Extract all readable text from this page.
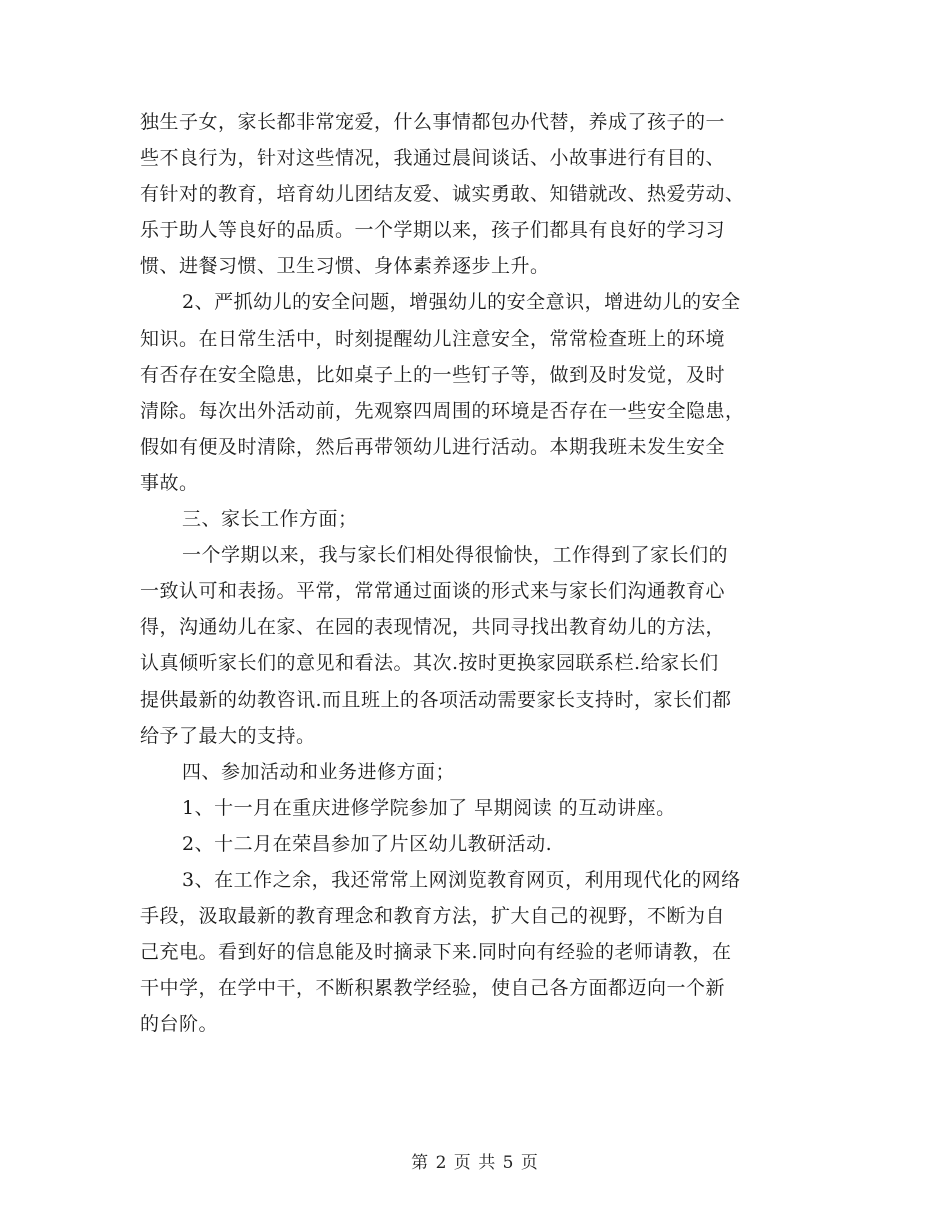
独生子女，家长都非常宠爱，什么事情都包办代替，养成了孩子的一
些不良行为，针对这些情况，我通过晨间谈话、小故事进行有目的、
有针对的教育，培育幼儿团结友爱、诚实勇敢、知错就改、热爱劳动、
乐于助人等良好的品质。一个学期以来，孩子们都具有良好的学习习
惯、进餐习惯、卫生习惯、身体素养逐步上升。
2、严抓幼儿的安全问题，增强幼儿的安全意识，增进幼儿的安全
知识。在日常生活中，时刻提醒幼儿注意安全，常常检查班上的环境
有否存在安全隐患，比如桌子上的一些钉子等，做到及时发觉，及时
清除。每次出外活动前，先观察四周围的环境是否存在一些安全隐患，
假如有便及时清除，然后再带领幼儿进行活动。本期我班未发生安全
事故。
三、家长工作方面；
一个学期以来，我与家长们相处得很愉快，工作得到了家长们的
一致认可和表扬。平常，常常通过面谈的形式来与家长们沟通教育心
得，沟通幼儿在家、在园的表现情况，共同寻找出教育幼儿的方法，
认真倾听家长们的意见和看法。其次.按时更换家园联系栏.给家长们
提供最新的幼教咨讯.而且班上的各项活动需要家长支持时，家长们都
给予了最大的支持。
四、参加活动和业务进修方面；
1、十一月在重庆进修学院参加了 早期阅读 的互动讲座。
2、十二月在荣昌参加了片区幼儿教研活动.
3、在工作之余，我还常常上网浏览教育网页，利用现代化的网络
手段，汲取最新的教育理念和教育方法，扩大自己的视野，不断为自
己充电。看到好的信息能及时摘录下来.同时向有经验的老师请教，在
干中学，在学中干，不断积累教学经验，使自己各方面都迈向一个新
的台阶。
第 2 页 共 5 页
